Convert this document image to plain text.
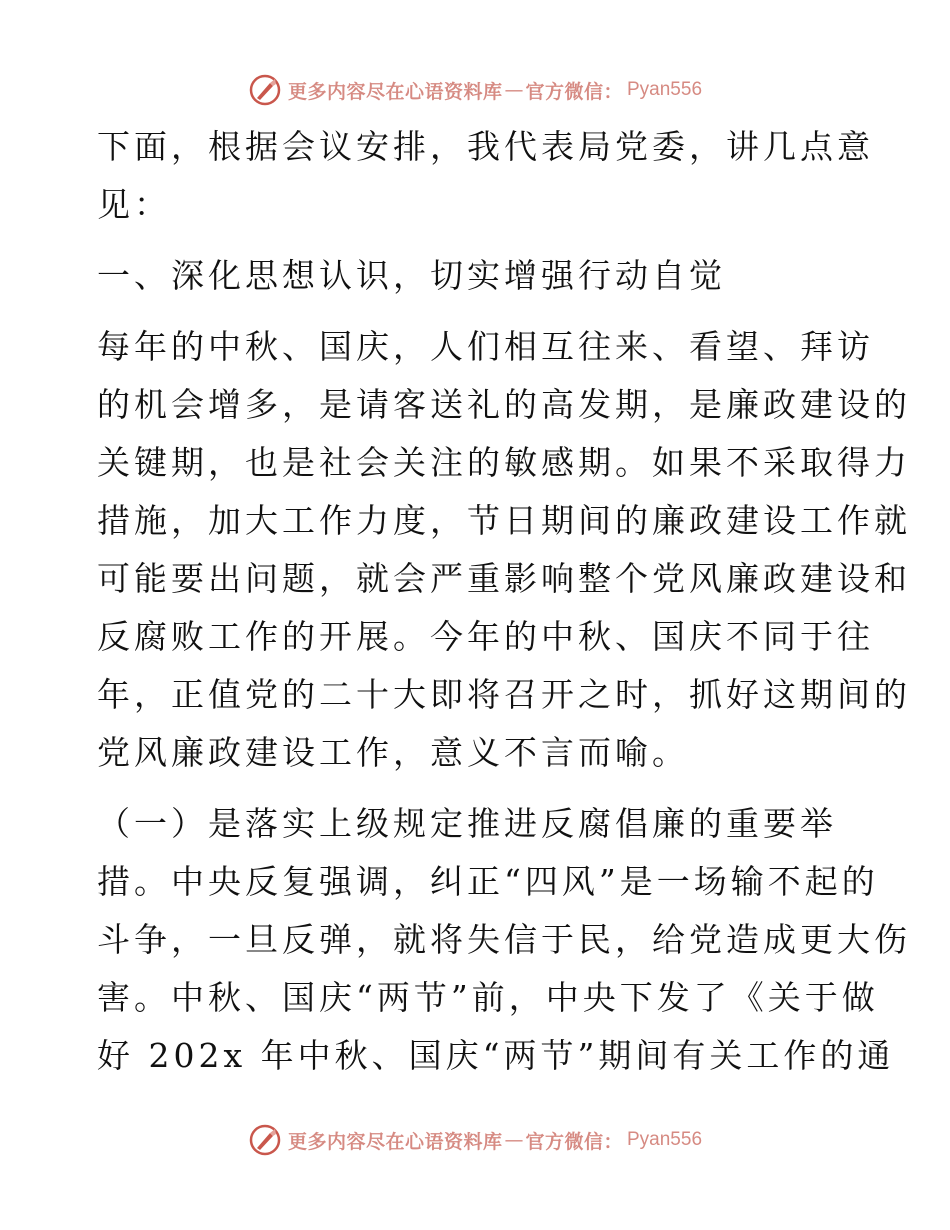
更多内容尽在心语资料库 — 官方微信： Pyan556
下面，根据会议安排，我代表局党委，讲几点意
见：
一、深化思想认识，切实增强行动自觉
每年的中秋、国庆，人们相互往来、看望、拜访
的机会增多，是请客送礼的高发期，是廉政建设的
关键期，也是社会关注的敏感期。如果不采取得力
措施，加大工作力度，节日期间的廉政建设工作就
可能要出问题，就会严重影响整个党风廉政建设和
反腐败工作的开展。今年的中秋、国庆不同于往
年，正值党的二十大即将召开之时，抓好这期间的
党风廉政建设工作，意义不言而喻。
（一）是落实上级规定推进反腐倡廉的重要举
措。中央反复强调，纠正“四风”是一场输不起的
斗争，一旦反弹，就将失信于民，给党造成更大伤
害。中秋、国庆“两节”前，中央下发了《关于做
好 202x 年中秋、国庆“两节”期间有关工作的通
更多内容尽在心语资料库 — 官方微信： Pyan556
